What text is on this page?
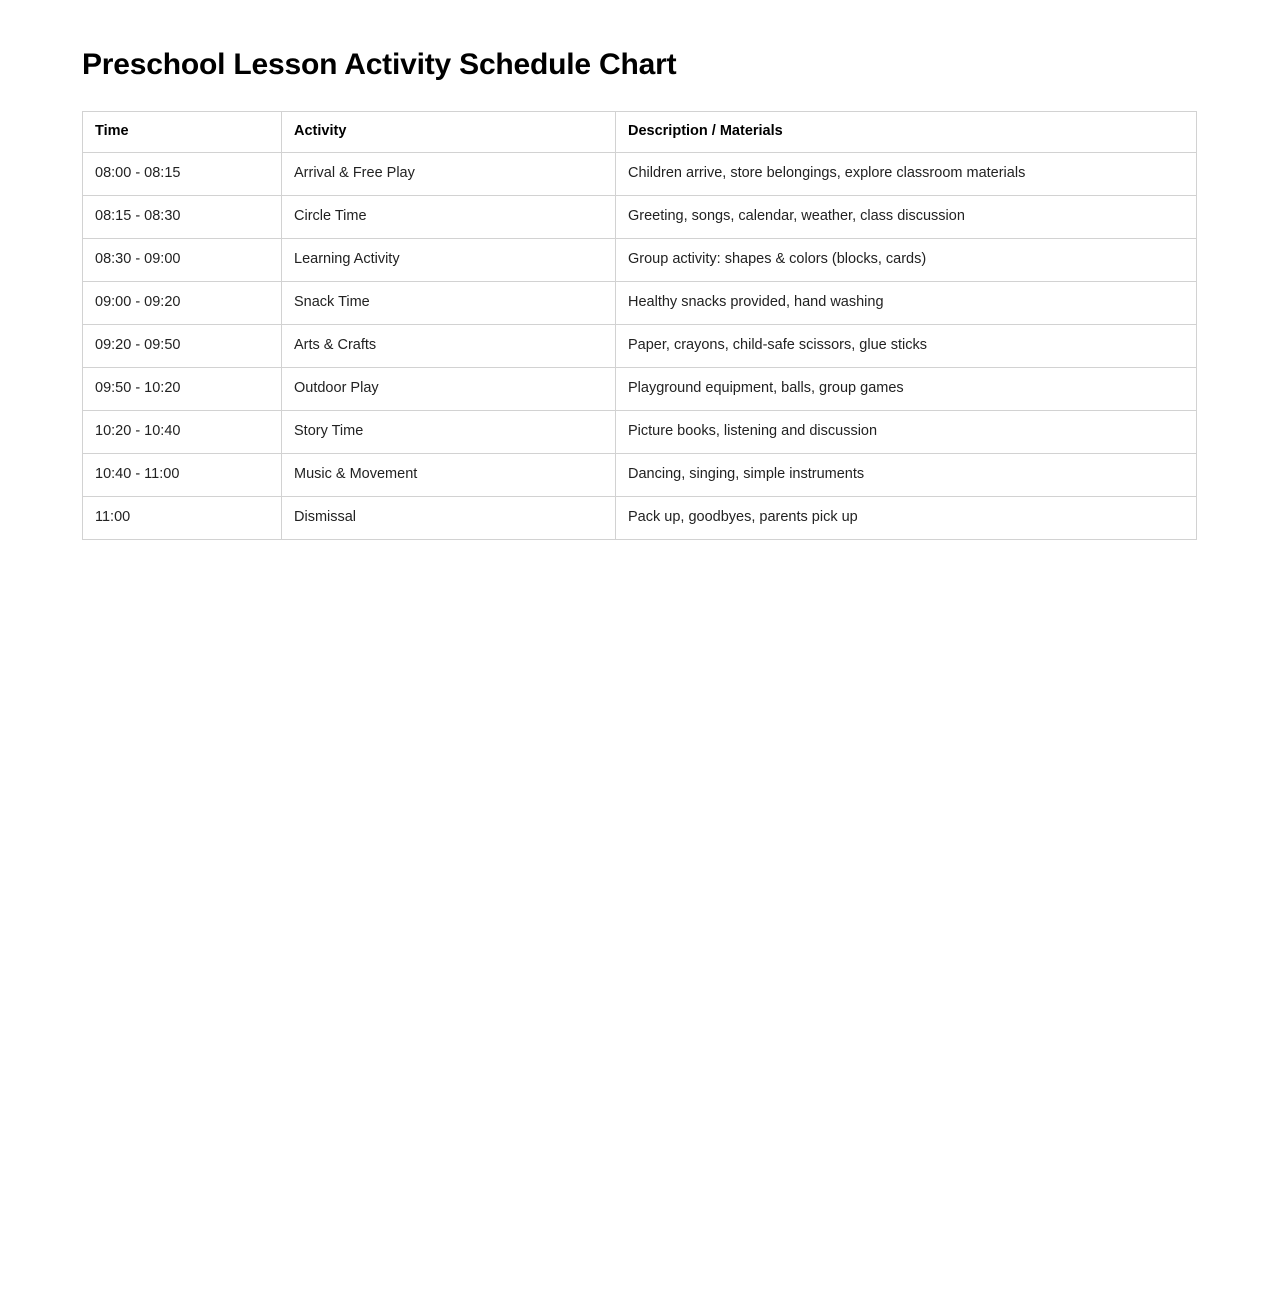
Preschool Lesson Activity Schedule Chart
Time	Activity	Description / Materials
08:00 - 08:15	Arrival & Free Play	Children arrive, store belongings, explore classroom materials
08:15 - 08:30	Circle Time	Greeting, songs, calendar, weather, class discussion
08:30 - 09:00	Learning Activity	Group activity: shapes & colors (blocks, cards)
09:00 - 09:20	Snack Time	Healthy snacks provided, hand washing
09:20 - 09:50	Arts & Crafts	Paper, crayons, child-safe scissors, glue sticks
09:50 - 10:20	Outdoor Play	Playground equipment, balls, group games
10:20 - 10:40	Story Time	Picture books, listening and discussion
10:40 - 11:00	Music & Movement	Dancing, singing, simple instruments
11:00	Dismissal	Pack up, goodbyes, parents pick up
